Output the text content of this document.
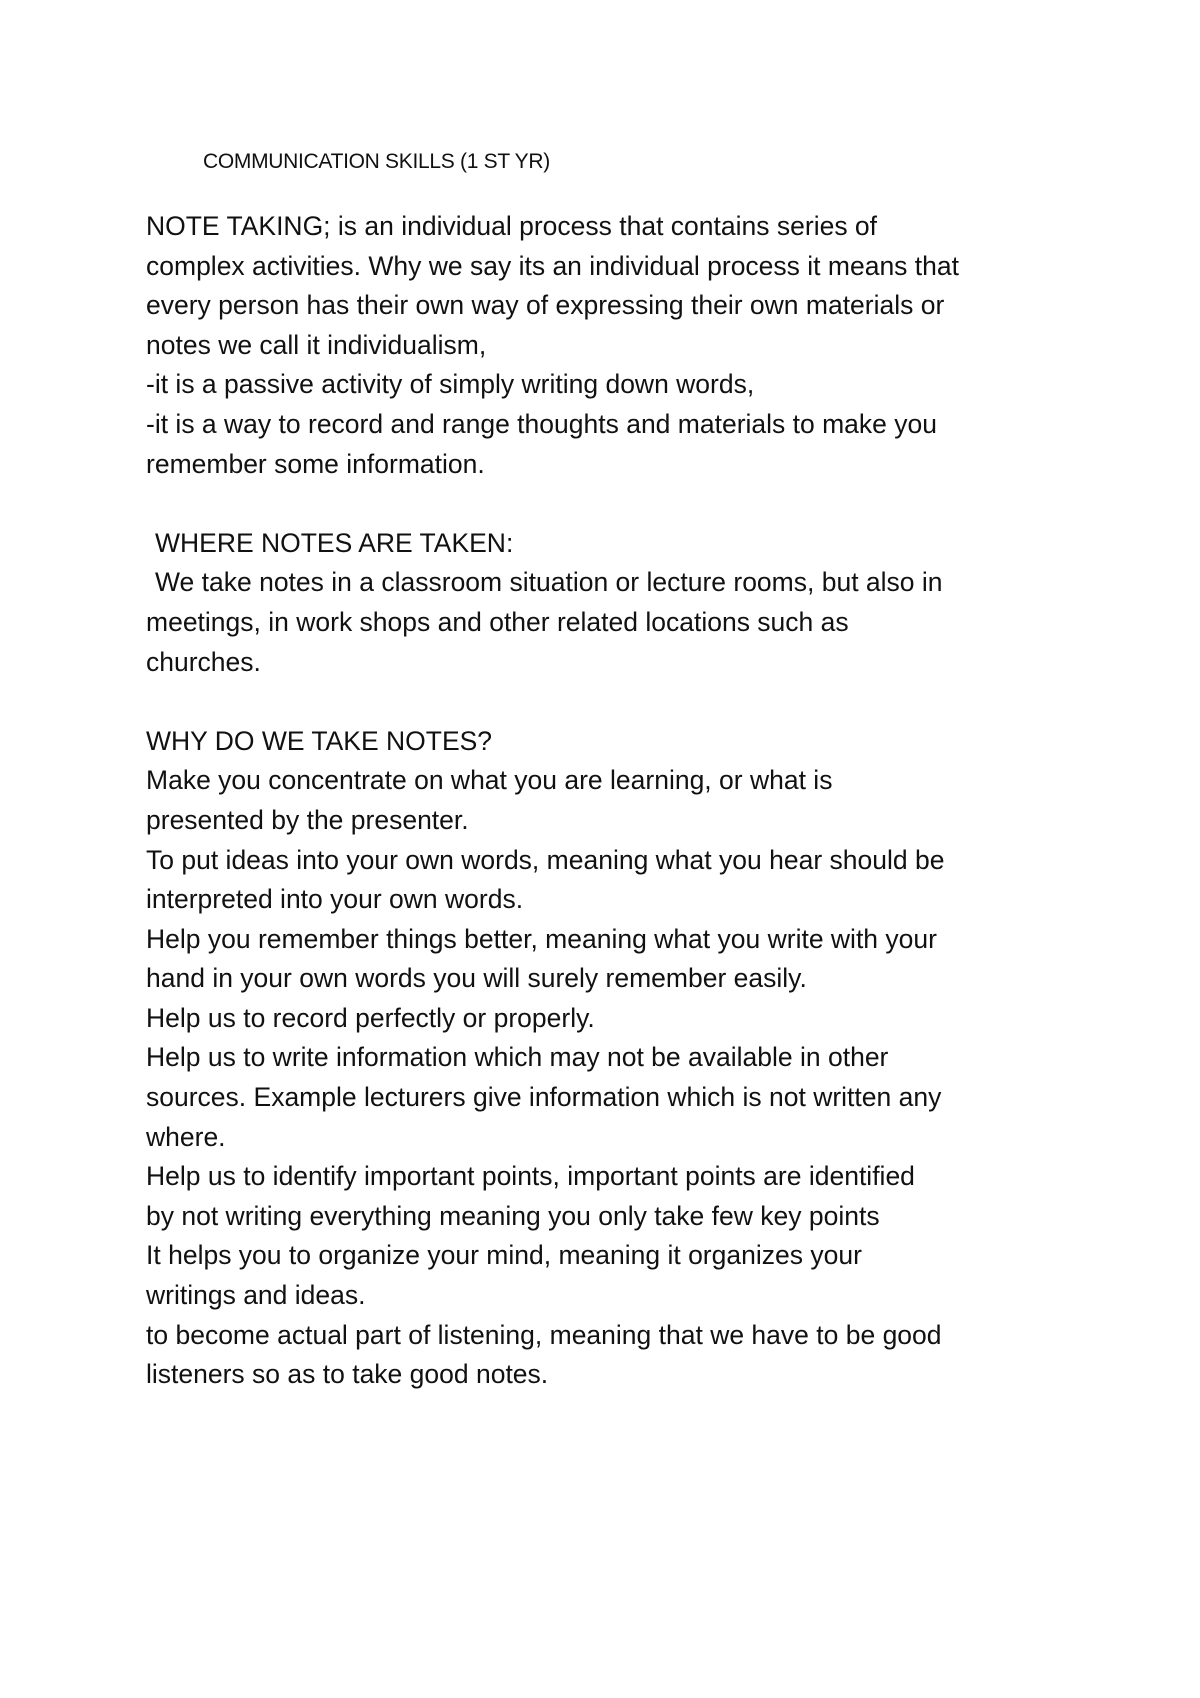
COMMUNICATION SKILLS (1 ST YR)
NOTE TAKING; is an individual process that contains series of
complex activities. Why we say its an individual process it means that
every person has their own way of expressing their own materials or
notes we call it individualism,
-it is a passive activity of simply writing down words,
-it is a way to record and range thoughts and materials to make you
remember some information.
WHERE NOTES ARE TAKEN:
We take notes in a classroom situation or lecture rooms, but also in
meetings, in work shops and other related locations such as
churches.
WHY DO WE TAKE NOTES?
Make you concentrate on what you are learning, or what is
presented by the presenter.
To put ideas into your own words, meaning what you hear should be
interpreted into your own words.
Help you remember things better, meaning what you write with your
hand in your own words you will surely remember easily.
Help us to record perfectly or properly.
Help us to write information which may not be available in other
sources. Example lecturers give information which is not written any
where.
Help us to identify important points, important points are identified
by not writing everything meaning you only take few key points
It helps you to organize your mind, meaning it organizes your
writings and ideas.
to become actual part of listening, meaning that we have to be good
listeners so as to take good notes.
